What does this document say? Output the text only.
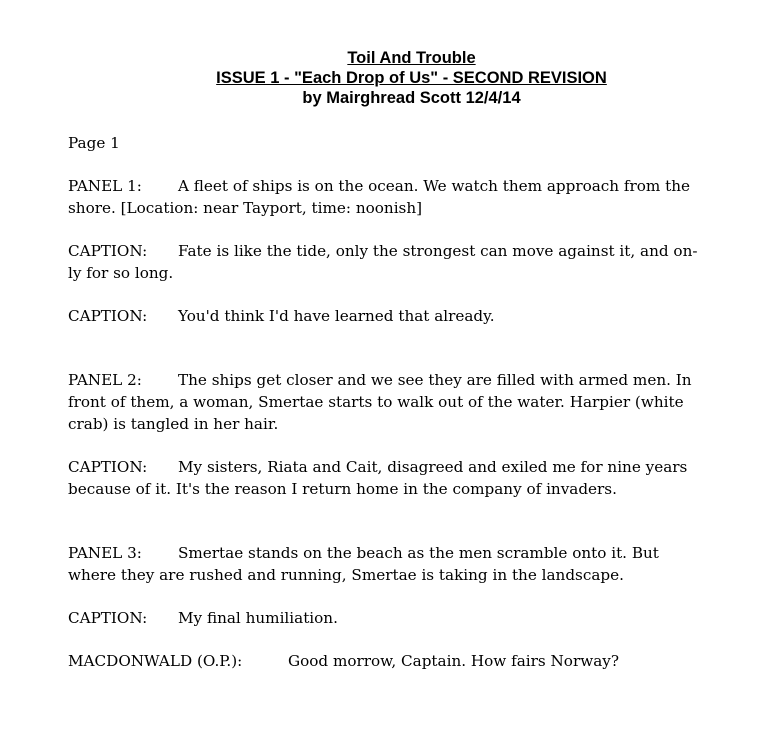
Toil And Trouble
ISSUE 1 - "Each Drop of Us" - SECOND REVISION
by Mairghread Scott 12/4/14

Page 1

PANEL 1: A fleet of ships is on the ocean. We watch them approach from the shore. [Location: near Tayport, time: noonish]

CAPTION: Fate is like the tide, only the strongest can move against it, and on-ly for so long.

CAPTION: You'd think I'd have learned that already.

PANEL 2: The ships get closer and we see they are filled with armed men. In front of them, a woman, Smertae starts to walk out of the water. Harpier (white crab) is tangled in her hair.

CAPTION: My sisters, Riata and Cait, disagreed and exiled me for nine years because of it. It's the reason I return home in the company of invaders.

PANEL 3: Smertae stands on the beach as the men scramble onto it. But where they are rushed and running, Smertae is taking in the landscape.

CAPTION: My final humiliation.

MACDONWALD (O.P.):	Good morrow, Captain. How fairs Norway?
